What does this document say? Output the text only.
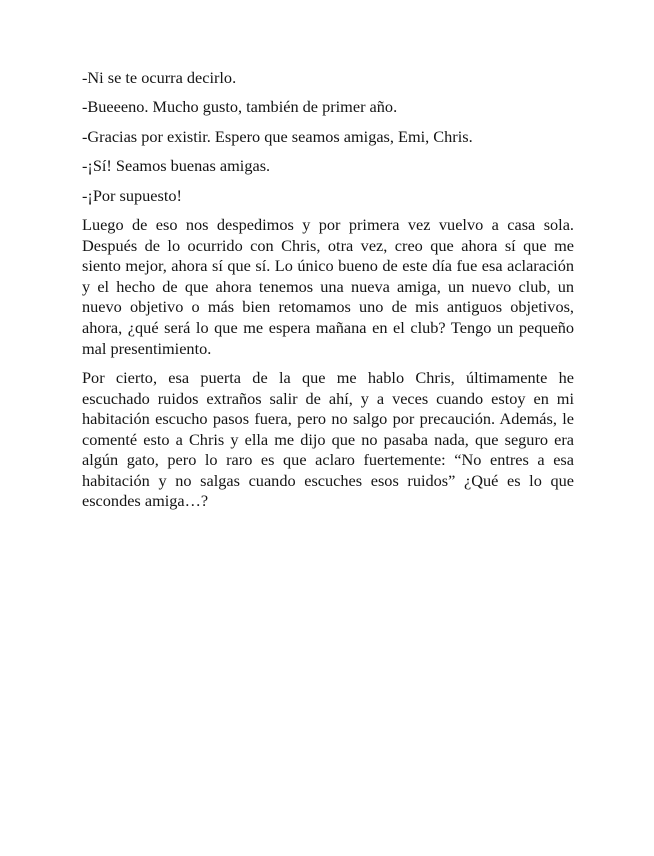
-Ni se te ocurra decirlo.

-Bueeeno. Mucho gusto, también de primer año.

-Gracias por existir. Espero que seamos amigas, Emi, Chris.

-¡Sí! Seamos buenas amigas.

-¡Por supuesto!

Luego de eso nos despedimos y por primera vez vuelvo a casa sola.
Después de lo ocurrido con Chris, otra vez, creo que ahora sí que me
siento mejor, ahora sí que sí. Lo único bueno de este día fue esa aclaración
y el hecho de que ahora tenemos una nueva amiga, un nuevo club, un
nuevo objetivo o más bien retomamos uno de mis antiguos objetivos,
ahora, ¿qué será lo que me espera mañana en el club? Tengo un pequeño
mal presentimiento.

Por cierto, esa puerta de la que me hablo Chris, últimamente he
escuchado ruidos extraños salir de ahí, y a veces cuando estoy en mi
habitación escucho pasos fuera, pero no salgo por precaución. Además, le
comenté esto a Chris y ella me dijo que no pasaba nada, que seguro era
algún gato, pero lo raro es que aclaro fuertemente: “No entres a esa
habitación y no salgas cuando escuches esos ruidos” ¿Qué es lo que
escondes amiga…?
